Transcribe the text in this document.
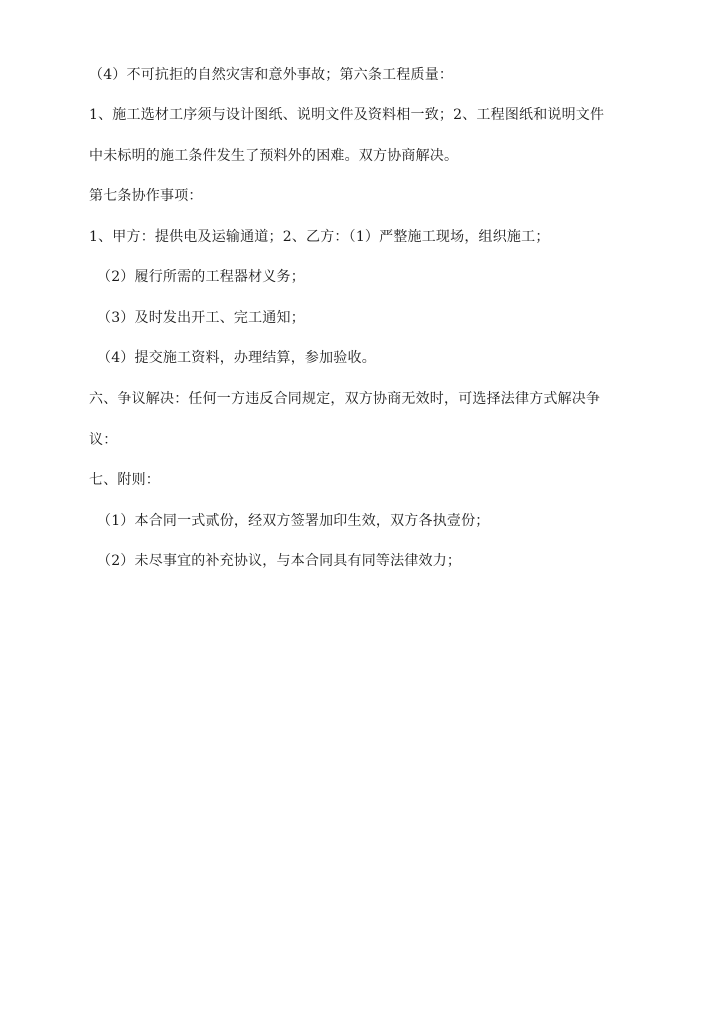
（4）不可抗拒的自然灾害和意外事故；第六条工程质量：
1、施工选材工序须与设计图纸、说明文件及资料相一致；2、工程图纸和说明文件
中未标明的施工条件发生了预料外的困难。双方协商解决。
第七条协作事项：
1、甲方：提供电及运输通道；2、乙方：（1）严整施工现场，组织施工；
（2）履行所需的工程器材义务；
（3）及时发出开工、完工通知；
（4）提交施工资料，办理结算，参加验收。
六、争议解决：任何一方违反合同规定，双方协商无效时，可选择法律方式解决争
议：
七、附则：
（1）本合同一式贰份，经双方签署加印生效，双方各执壹份；
（2）未尽事宜的补充协议，与本合同具有同等法律效力；
